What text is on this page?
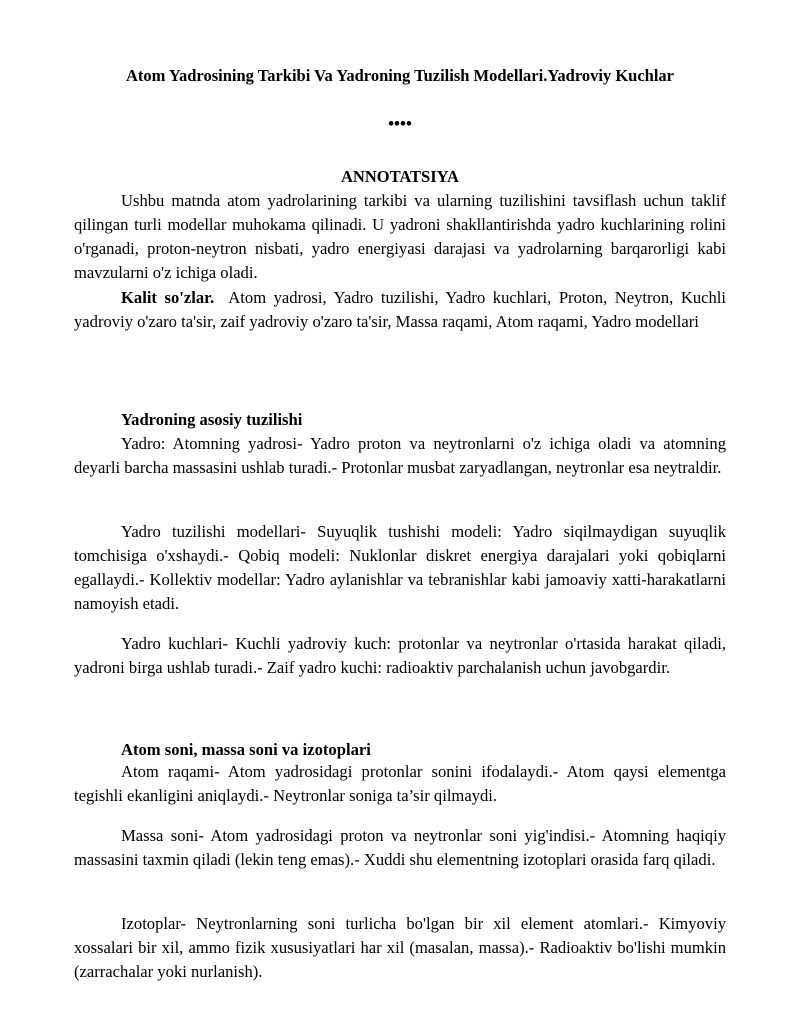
Atom Yadrosining Tarkibi Va Yadroning Tuzilish Modellari.Yadroviy Kuchlar
••••
ANNOTATSIYA

Ushbu matnda atom yadrolarining tarkibi va ularning tuzilishini tavsiflash uchun taklif qilingan turli modellar muhokama qilinadi. U yadroni shakllantirishda yadro kuchlarining rolini o'rganadi, proton-neytron nisbati, yadro energiyasi darajasi va yadrolarning barqarorligi kabi mavzularni o'z ichiga oladi.

Kalit so'zlar. Atom yadrosi, Yadro tuzilishi, Yadro kuchlari, Proton, Neytron, Kuchli yadroviy o'zaro ta'sir, zaif yadroviy o'zaro ta'sir, Massa raqami, Atom raqami, Yadro modellari

Yadroning asosiy tuzilishi

Yadro: Atomning yadrosi- Yadro proton va neytronlarni o'z ichiga oladi va atomning deyarli barcha massasini ushlab turadi.- Protonlar musbat zaryadlangan, neytronlar esa neytraldir.

Yadro tuzilishi modellari- Suyuqlik tushishi modeli: Yadro siqilmaydigan suyuqlik tomchisiga o'xshaydi.- Qobiq modeli: Nuklonlar diskret energiya darajalari yoki qobiqlarni egallaydi.- Kollektiv modellar: Yadro aylanishlar va tebranishlar kabi jamoaviy xatti-harakatlarni namoyish etadi.

Yadro kuchlari- Kuchli yadroviy kuch: protonlar va neytronlar o'rtasida harakat qiladi, yadroni birga ushlab turadi.- Zaif yadro kuchi: radioaktiv parchalanish uchun javobgardir.

Atom soni, massa soni va izotoplari

Atom raqami- Atom yadrosidagi protonlar sonini ifodalaydi.- Atom qaysi elementga tegishli ekanligini aniqlaydi.- Neytronlar soniga ta’sir qilmaydi.

Massa soni- Atom yadrosidagi proton va neytronlar soni yig'indisi.- Atomning haqiqiy massasini taxmin qiladi (lekin teng emas).- Xuddi shu elementning izotoplari orasida farq qiladi.

Izotoplar- Neytronlarning soni turlicha bo'lgan bir xil element atomlari.- Kimyoviy xossalari bir xil, ammo fizik xususiyatlari har xil (masalan, massa).- Radioaktiv bo'lishi mumkin (zarrachalar yoki nurlanish).
